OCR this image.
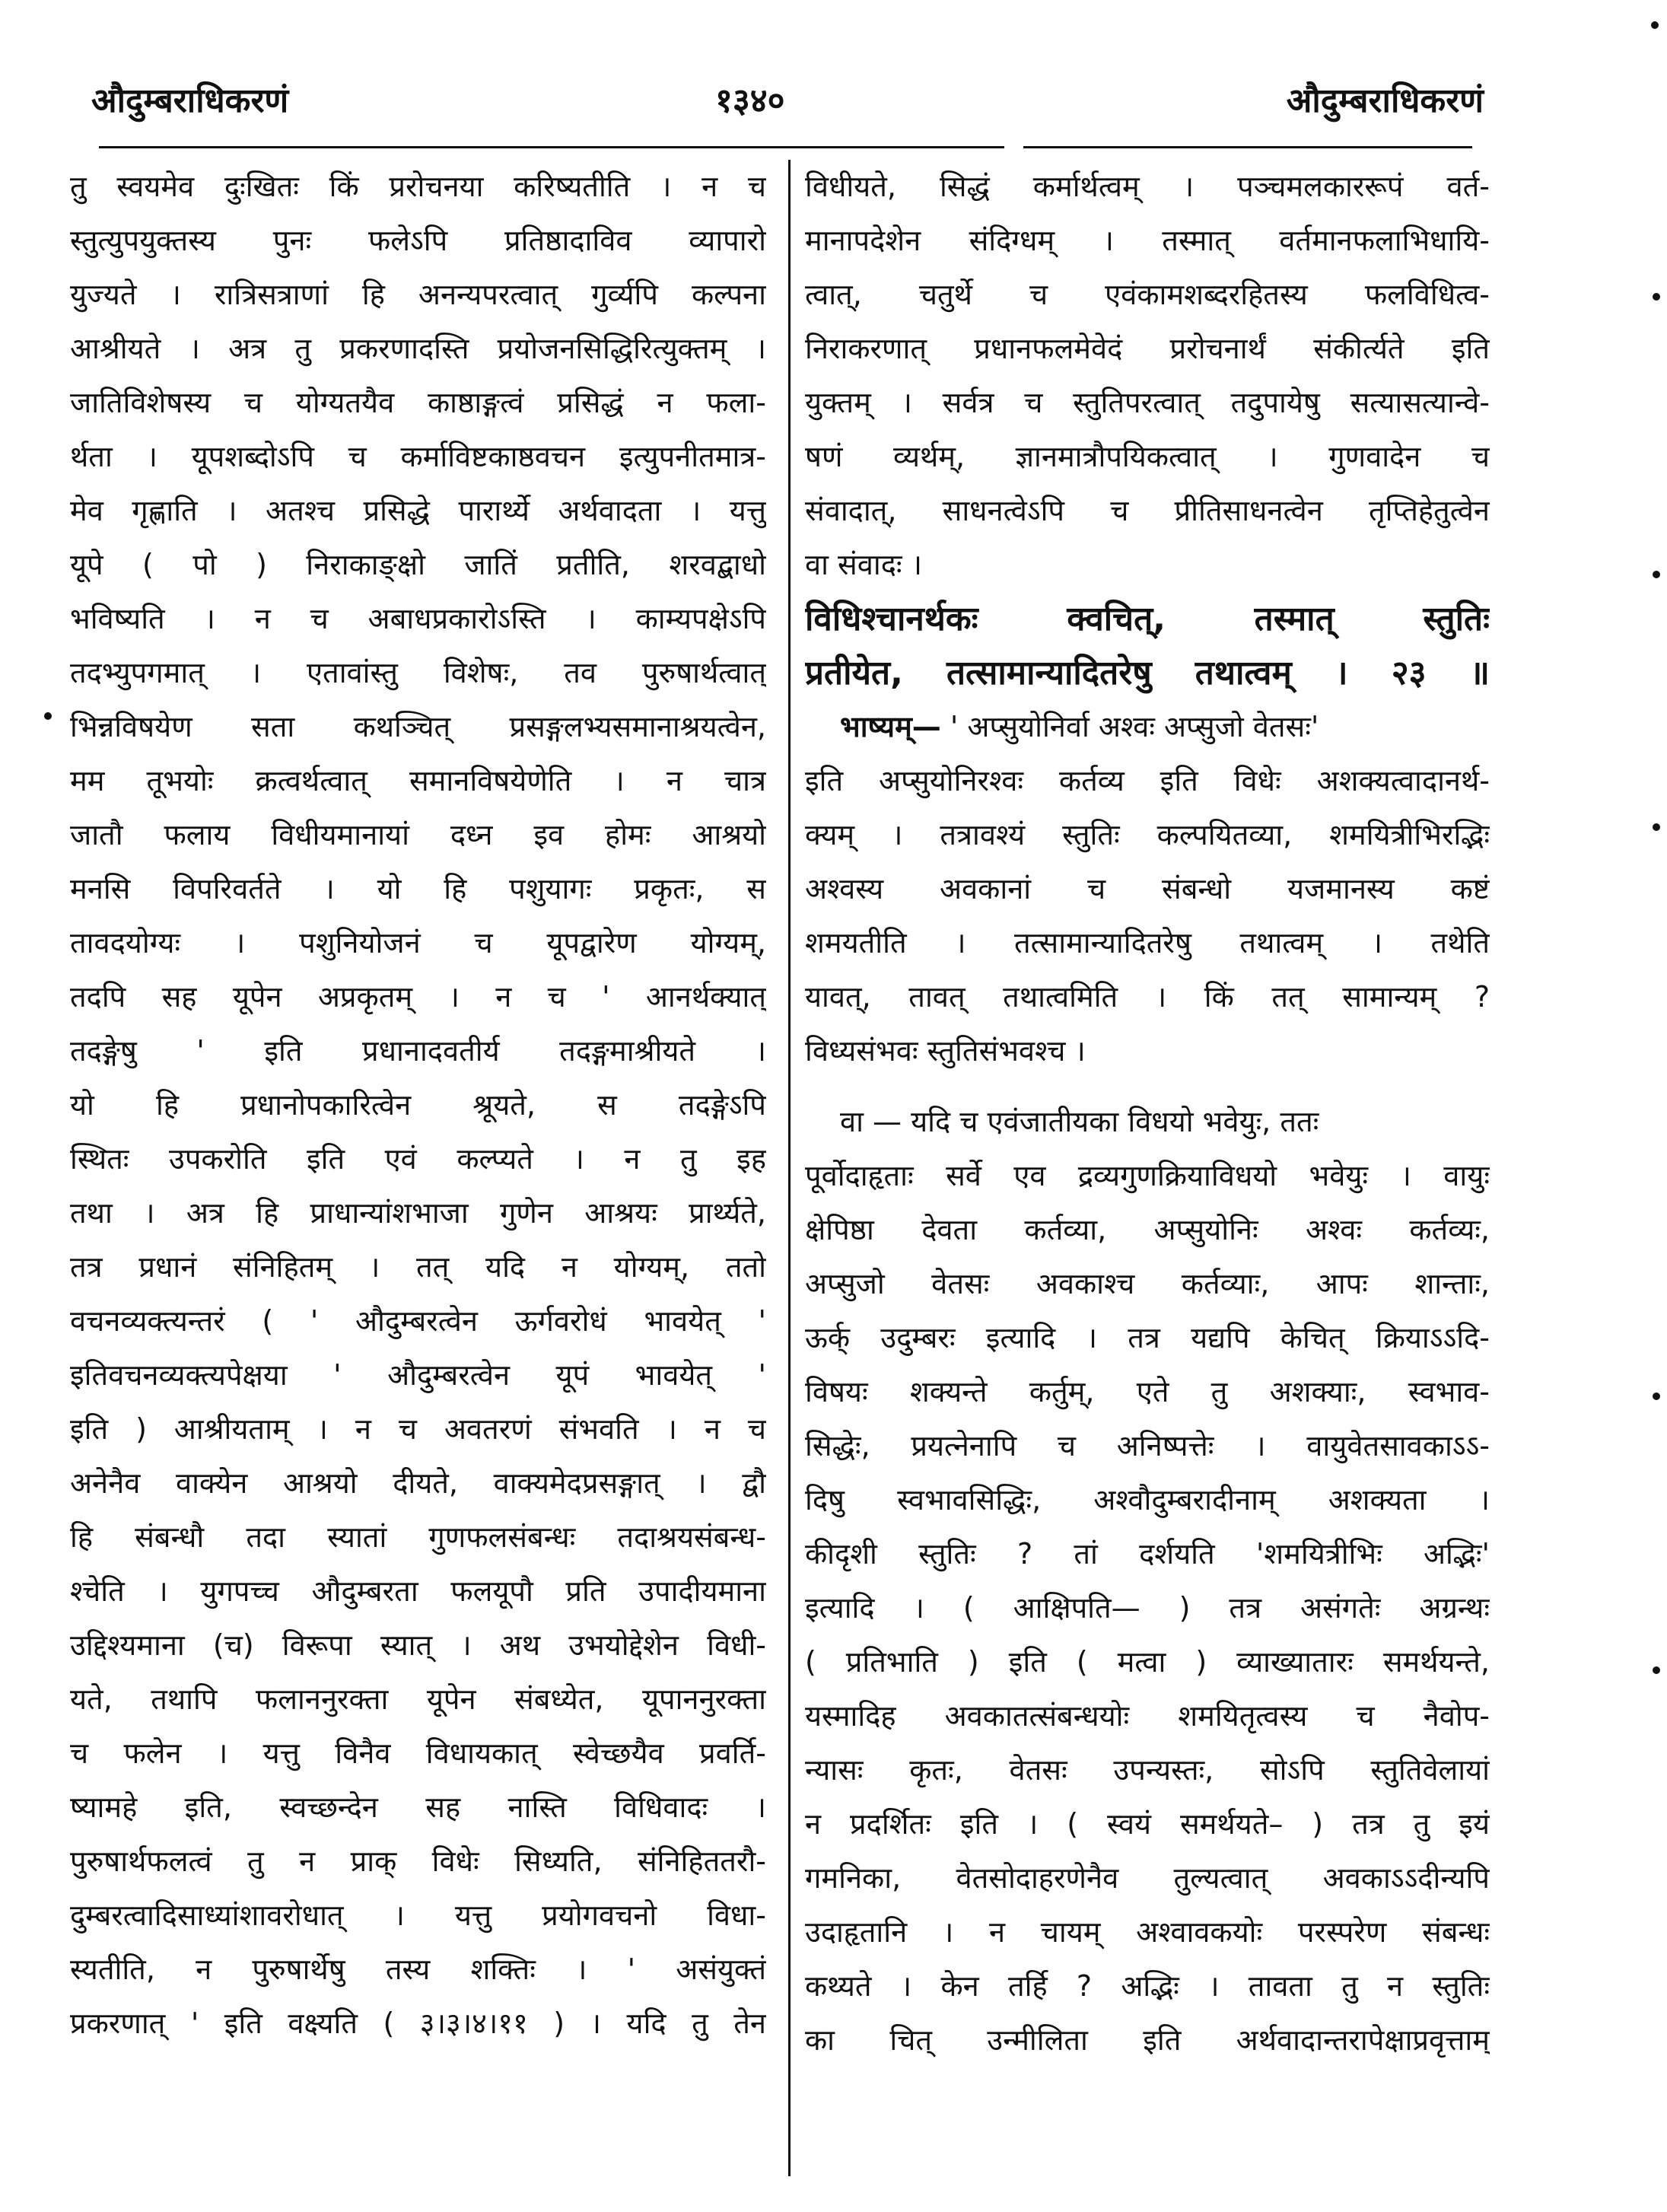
औदुम्बराधिकरणं	१३४०	औदुम्बराधिकरणं
तु स्वयमेव दुःखितः किं प्ररोचनया करिष्यतीति । न च
स्तुत्युपयुक्तस्य पुनः फलेऽपि प्रतिष्ठादाविव व्यापारो
युज्यते । रात्रिसत्राणां हि अनन्यपरत्वात् गुर्व्यपि कल्पना
आश्रीयते । अत्र तु प्रकरणादस्ति प्रयोजनसिद्धिरित्युक्तम् ।
जातिविशेषस्य च योग्यतयैव काष्ठाङ्गत्वं प्रसिद्धं न फला-
र्थता । यूपशब्दोऽपि च कर्माविष्टकाष्ठवचन इत्युपनीतमात्र-
मेव गृह्णाति । अतश्च प्रसिद्धे पारार्थ्ये अर्थवादता । यत्तु
यूपे ( पो ) निराकाङ्क्षो जातिं प्रतीति, शरवद्बाधो
भविष्यति । न च अबाधप्रकारोऽस्ति । काम्यपक्षेऽपि
तदभ्युपगमात् । एतावांस्तु विशेषः, तव पुरुषार्थत्वात्
भिन्नविषयेण सता कथञ्चित् प्रसङ्गलभ्यसमानाश्रयत्वेन,
मम तूभयोः क्रत्वर्थत्वात् समानविषयेणेति । न चात्र
जातौ फलाय विधीयमानायां दध्न इव होमः आश्रयो
मनसि विपरिवर्तते । यो हि पशुयागः प्रकृतः, स
तावदयोग्यः । पशुनियोजनं च यूपद्वारेण योग्यम्,
तदपि सह यूपेन अप्रकृतम् । न च ' आनर्थक्यात्
तदङ्गेषु ' इति प्रधानादवतीर्य तदङ्गमाश्रीयते ।
यो हि प्रधानोपकारित्वेन श्रूयते, स तदङ्गेऽपि
स्थितः उपकरोति इति एवं कल्प्यते । न तु इह
तथा । अत्र हि प्राधान्यांशभाजा गुणेन आश्रयः प्रार्थ्यते,
तत्र प्रधानं संनिहितम् । तत् यदि न योग्यम्, ततो
वचनव्यक्त्यन्तरं ( ' औदुम्बरत्वेन ऊर्गवरोधं भावयेत् '
इतिवचनव्यक्त्यपेक्षया ' औदुम्बरत्वेन यूपं भावयेत् '
इति ) आश्रीयताम् । न च अवतरणं संभवति । न च
अनेनैव वाक्येन आश्रयो दीयते, वाक्यमेदप्रसङ्गात् । द्वौ
हि संबन्धौ तदा स्यातां गुणफलसंबन्धः तदाश्रयसंबन्ध-
श्चेति । युगपच्च औदुम्बरता फलयूपौ प्रति उपादीयमाना
उद्दिश्यमाना (च) विरूपा स्यात् । अथ उभयोद्देशेन विधी-
यते, तथापि फलाननुरक्ता यूपेन संबध्येत, यूपाननुरक्ता
च फलेन । यत्तु विनैव विधायकात् स्वेच्छयैव प्रवर्ति-
ष्यामहे इति, स्वच्छन्देन सह नास्ति विधिवादः ।
पुरुषार्थफलत्वं तु न प्राक् विधेः सिध्यति, संनिहिततरौ-
दुम्बरत्वादिसाध्यांशावरोधात् । यत्तु प्रयोगवचनो विधा-
स्यतीति, न पुरुषार्थेषु तस्य शक्तिः । ' असंयुक्तं
प्रकरणात् ' इति वक्ष्यति ( ३।३।४।११ ) । यदि तु तेन
विधीयते, सिद्धं कर्मार्थत्वम् । पञ्चमलकाररूपं वर्त-
मानापदेशेन संदिग्धम् । तस्मात् वर्तमानफलाभिधायि-
त्वात्, चतुर्थे च एवंकामशब्दरहितस्य फलविधित्व-
निराकरणात् प्रधानफलमेवेदं प्ररोचनार्थं संकीर्त्यते इति
युक्तम् । सर्वत्र च स्तुतिपरत्वात् तदुपायेषु सत्यासत्यान्वे-
षणं व्यर्थम्, ज्ञानमात्रौपयिकत्वात् । गुणवादेन च
संवादात्, साधनत्वेऽपि च प्रीतिसाधनत्वेन तृप्तिहेतुत्वेन
वा संवादः ।
विधिश्चानर्थकः क्वचित्, तस्मात् स्तुतिः
प्रतीयेत, तत्सामान्यादितरेषु तथात्वम् । २३ ॥
भाष्यम्— ' अप्सुयोनिर्वा अश्वः अप्सुजो वेतसः'
इति अप्सुयोनिरश्वः कर्तव्य इति विधेः अशक्यत्वादानर्थ-
क्यम् । तत्रावश्यं स्तुतिः कल्पयितव्या, शमयित्रीभिरद्भिः
अश्वस्य अवकानां च संबन्धो यजमानस्य कष्टं
शमयतीति । तत्सामान्यादितरेषु तथात्वम् । तथेति
यावत्, तावत् तथात्वमिति । किं तत् सामान्यम् ?
विध्यसंभवः स्तुतिसंभवश्च ।
वा — यदि च एवंजातीयका विधयो भवेयुः, ततः
पूर्वोदाहृताः सर्वे एव द्रव्यगुणक्रियाविधयो भवेयुः । वायुः
क्षेपिष्ठा देवता कर्तव्या, अप्सुयोनिः अश्वः कर्तव्यः,
अप्सुजो वेतसः अवकाश्च कर्तव्याः, आपः शान्ताः,
ऊर्क् उदुम्बरः इत्यादि । तत्र यद्यपि केचित् क्रियाऽऽदि-
विषयः शक्यन्ते कर्तुम्, एते तु अशक्याः, स्वभाव-
सिद्धेः, प्रयत्नेनापि च अनिष्पत्तेः । वायुवेतसावकाऽऽ-
दिषु स्वभावसिद्धिः, अश्वौदुम्बरादीनाम् अशक्यता ।
कीदृशी स्तुतिः ? तां दर्शयति 'शमयित्रीभिः अद्भिः'
इत्यादि । ( आक्षिपति— ) तत्र असंगतेः अग्रन्थः
( प्रतिभाति ) इति ( मत्वा ) व्याख्यातारः समर्थयन्ते,
यस्मादिह अवकातत्संबन्धयोः शमयितृत्वस्य च नैवोप-
न्यासः कृतः, वेतसः उपन्यस्तः, सोऽपि स्तुतिवेलायां
न प्रदर्शितः इति । ( स्वयं समर्थयते– ) तत्र तु इयं
गमनिका, वेतसोदाहरणेनैव तुल्यत्वात् अवकाऽऽदीन्यपि
उदाहृतानि । न चायम् अश्वावकयोः परस्परेण संबन्धः
कथ्यते । केन तर्हि ? अद्भिः । तावता तु न स्तुतिः
का चित् उन्मीलिता इति अर्थवादान्तरापेक्षाप्रवृत्ताम्
